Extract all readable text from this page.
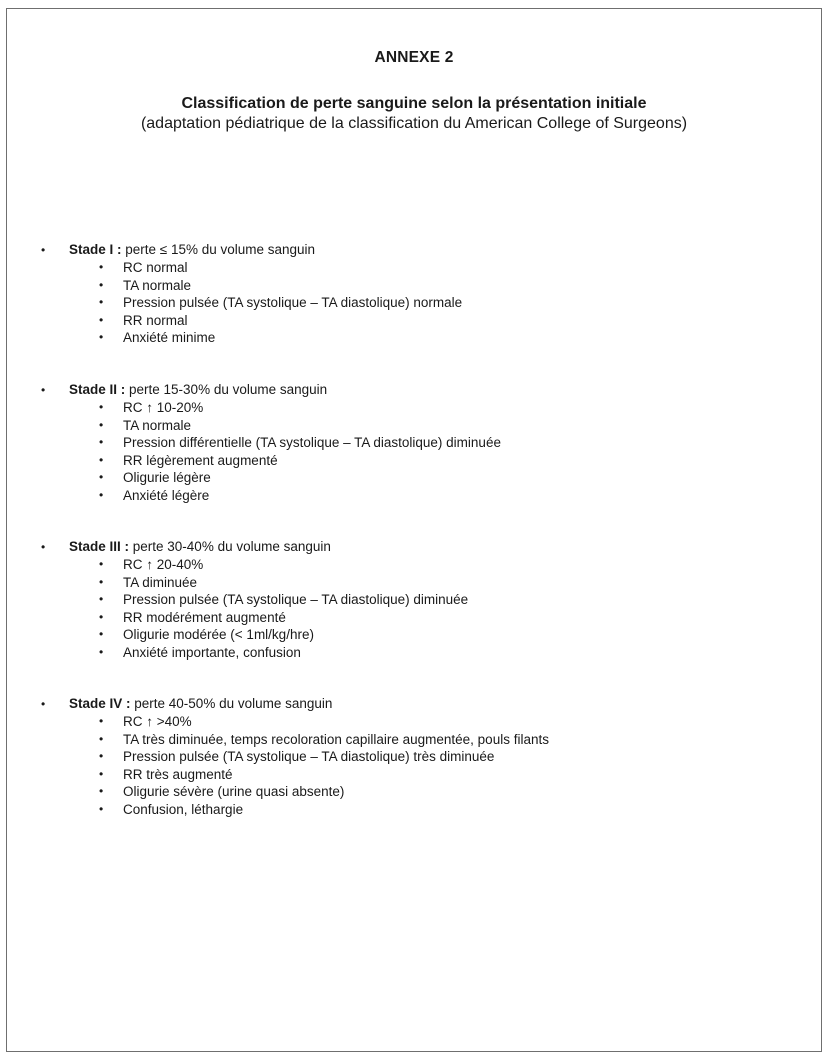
ANNEXE 2
Classification de perte sanguine selon la présentation initiale
(adaptation pédiatrique de la classification du American College of Surgeons)
•	Stade I : perte ≤ 15% du volume sanguin
• RC normal
• TA normale
• Pression pulsée (TA systolique – TA diastolique) normale
• RR normal
• Anxiété minime
•	Stade II : perte 15-30% du volume sanguin
• RC ↑ 10-20%
• TA normale
• Pression différentielle (TA systolique – TA diastolique) diminuée
• RR légèrement augmenté
• Oligurie légère
• Anxiété légère
•	Stade III : perte 30-40% du volume sanguin
• RC ↑ 20-40%
• TA diminuée
• Pression pulsée (TA systolique – TA diastolique) diminuée
• RR modérément augmenté
• Oligurie modérée (< 1ml/kg/hre)
• Anxiété importante, confusion
•	Stade IV : perte 40-50% du volume sanguin
• RC ↑ >40%
• TA très diminuée, temps recoloration capillaire augmentée, pouls filants
• Pression pulsée (TA systolique – TA diastolique) très diminuée
• RR très augmenté
• Oligurie sévère (urine quasi absente)
• Confusion, léthargie
